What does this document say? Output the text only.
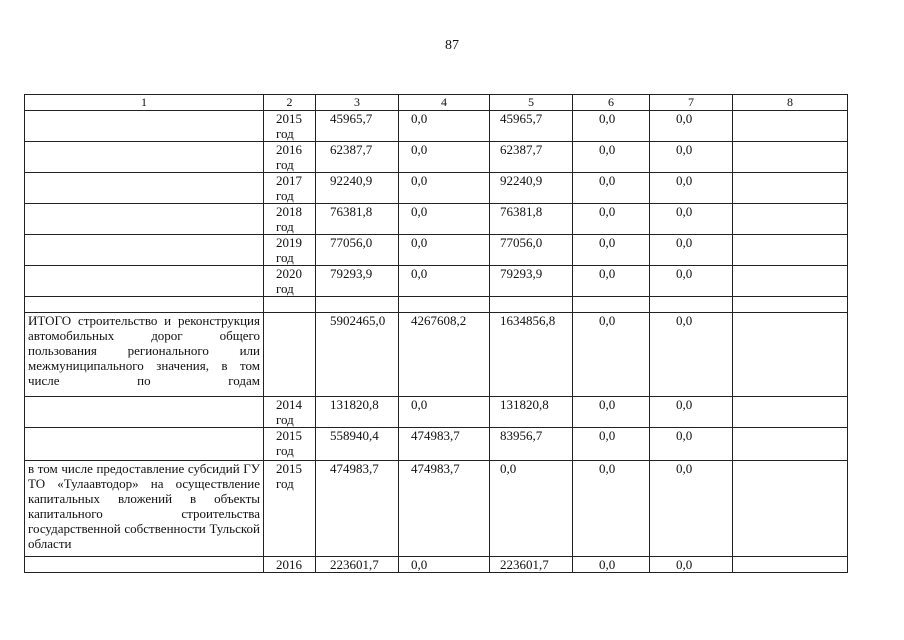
87
1	2	3	4	5	6	7	8
	2015 год	45965,7	0,0	45965,7	0,0	0,0	
	2016 год	62387,7	0,0	62387,7	0,0	0,0	
	2017 год	92240,9	0,0	92240,9	0,0	0,0	
	2018 год	76381,8	0,0	76381,8	0,0	0,0	
	2019 год	77056,0	0,0	77056,0	0,0	0,0	
	2020 год	79293,9	0,0	79293,9	0,0	0,0	

ИТОГО строительство и реконструкция автомобильных дорог общего пользования регионального или межмуниципального значения, в том числе по годам		5902465,0	4267608,2	1634856,8	0,0	0,0	
	2014 год	131820,8	0,0	131820,8	0,0	0,0	
	2015 год	558940,4	474983,7	83956,7	0,0	0,0	
в том числе предоставление субсидий ГУ ТО «Тулаавтодор» на осуществление капитальных вложений в объекты капитального строительства государственной собственности Тульской области	2015 год	474983,7	474983,7	0,0	0,0	0,0	
	2016	223601,7	0,0	223601,7	0,0	0,0	
